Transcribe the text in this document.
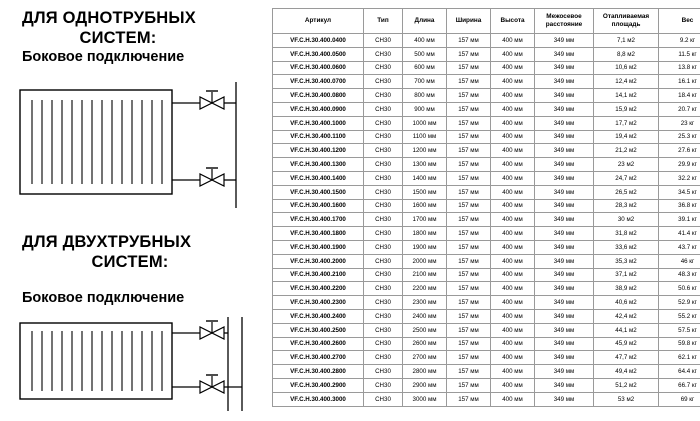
ДЛЯ ОДНОТРУБНЫХ
СИСТЕМ:
Боковое подключение
ДЛЯ ДВУХТРУБНЫХ
СИСТЕМ:
Боковое подключение
Артикул	Тип	Длина	Ширина	Высота	Межосевое расстояние	Отапливаемая площадь	Вес
VF.C.H.30.400.0400	CH30	400 мм	157 мм	400 мм	349 мм	7,1 м2	9.2 кг
VF.C.H.30.400.0500	CH30	500 мм	157 мм	400 мм	349 мм	8,8 м2	11.5 кг
VF.C.H.30.400.0600	CH30	600 мм	157 мм	400 мм	349 мм	10,6 м2	13.8 кг
VF.C.H.30.400.0700	CH30	700 мм	157 мм	400 мм	349 мм	12,4 м2	16.1 кг
VF.C.H.30.400.0800	CH30	800 мм	157 мм	400 мм	349 мм	14,1 м2	18.4 кг
VF.C.H.30.400.0900	CH30	900 мм	157 мм	400 мм	349 мм	15,9 м2	20.7 кг
VF.C.H.30.400.1000	CH30	1000 мм	157 мм	400 мм	349 мм	17,7 м2	23 кг
VF.C.H.30.400.1100	CH30	1100 мм	157 мм	400 мм	349 мм	19,4 м2	25.3 кг
VF.C.H.30.400.1200	CH30	1200 мм	157 мм	400 мм	349 мм	21,2 м2	27.6 кг
VF.C.H.30.400.1300	CH30	1300 мм	157 мм	400 мм	349 мм	23 м2	29.9 кг
VF.C.H.30.400.1400	CH30	1400 мм	157 мм	400 мм	349 мм	24,7 м2	32.2 кг
VF.C.H.30.400.1500	CH30	1500 мм	157 мм	400 мм	349 мм	26,5 м2	34.5 кг
VF.C.H.30.400.1600	CH30	1600 мм	157 мм	400 мм	349 мм	28,3 м2	36.8 кг
VF.C.H.30.400.1700	CH30	1700 мм	157 мм	400 мм	349 мм	30 м2	39.1 кг
VF.C.H.30.400.1800	CH30	1800 мм	157 мм	400 мм	349 мм	31,8 м2	41.4 кг
VF.C.H.30.400.1900	CH30	1900 мм	157 мм	400 мм	349 мм	33,6 м2	43.7 кг
VF.C.H.30.400.2000	CH30	2000 мм	157 мм	400 мм	349 мм	35,3 м2	46 кг
VF.C.H.30.400.2100	CH30	2100 мм	157 мм	400 мм	349 мм	37,1 м2	48.3 кг
VF.C.H.30.400.2200	CH30	2200 мм	157 мм	400 мм	349 мм	38,9 м2	50.6 кг
VF.C.H.30.400.2300	CH30	2300 мм	157 мм	400 мм	349 мм	40,6 м2	52.9 кг
VF.C.H.30.400.2400	CH30	2400 мм	157 мм	400 мм	349 мм	42,4 м2	55.2 кг
VF.C.H.30.400.2500	CH30	2500 мм	157 мм	400 мм	349 мм	44,1 м2	57.5 кг
VF.C.H.30.400.2600	CH30	2600 мм	157 мм	400 мм	349 мм	45,9 м2	59.8 кг
VF.C.H.30.400.2700	CH30	2700 мм	157 мм	400 мм	349 мм	47,7 м2	62.1 кг
VF.C.H.30.400.2800	CH30	2800 мм	157 мм	400 мм	349 мм	49,4 м2	64.4 кг
VF.C.H.30.400.2900	CH30	2900 мм	157 мм	400 мм	349 мм	51,2 м2	66.7 кг
VF.C.H.30.400.3000	CH30	3000 мм	157 мм	400 мм	349 мм	53 м2	69 кг
